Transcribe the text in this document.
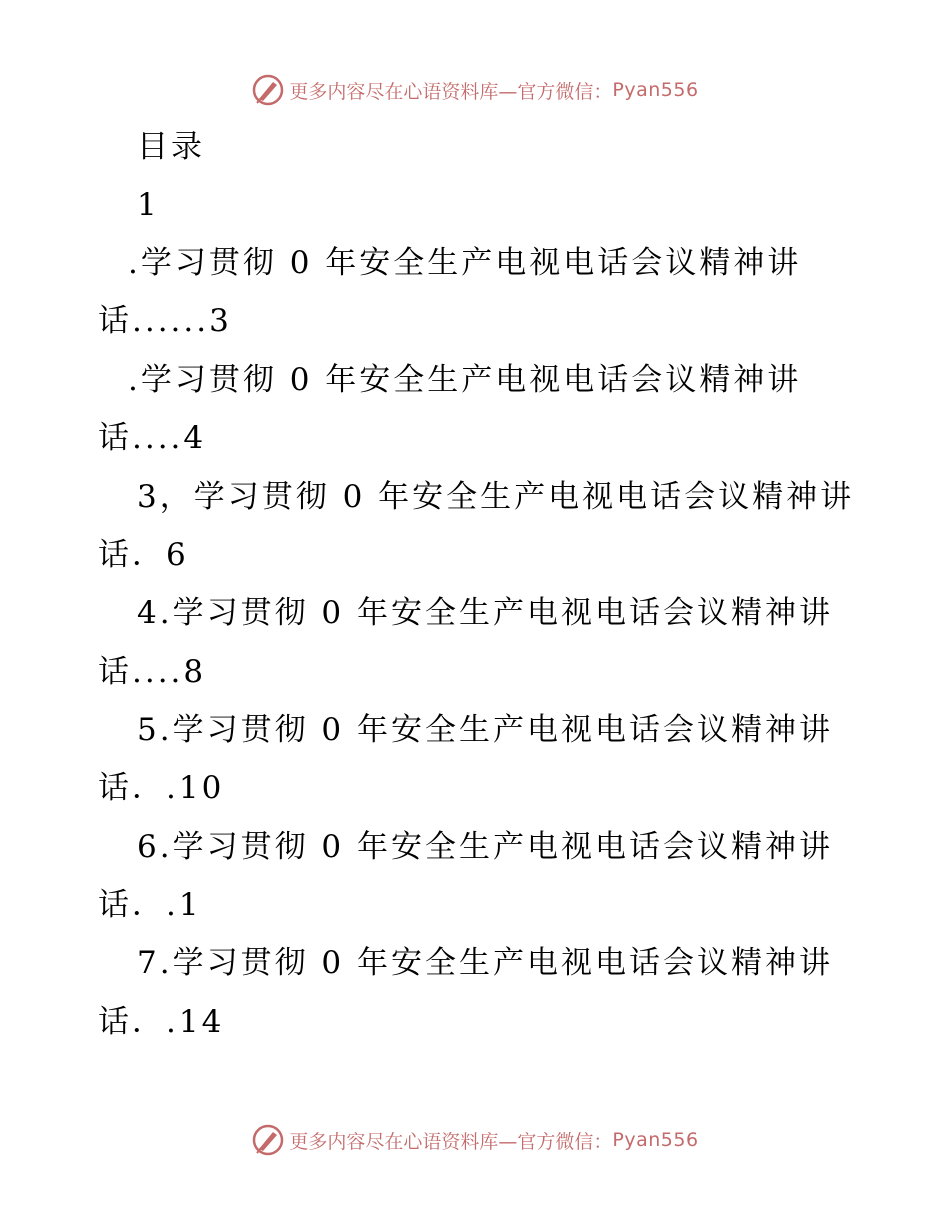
更多内容尽在心语资料库—官方微信： Pyan556
目录
1
.学习贯彻 0 年安全生产电视电话会议精神讲
话......3
.学习贯彻 0 年安全生产电视电话会议精神讲
话....4
3，学习贯彻 0 年安全生产电视电话会议精神讲
话．6
4.学习贯彻 0 年安全生产电视电话会议精神讲
话....8
5.学习贯彻 0 年安全生产电视电话会议精神讲
话．.10
6.学习贯彻 0 年安全生产电视电话会议精神讲
话．.1
7.学习贯彻 0 年安全生产电视电话会议精神讲
话．.14
更多内容尽在心语资料库—官方微信： Pyan556
